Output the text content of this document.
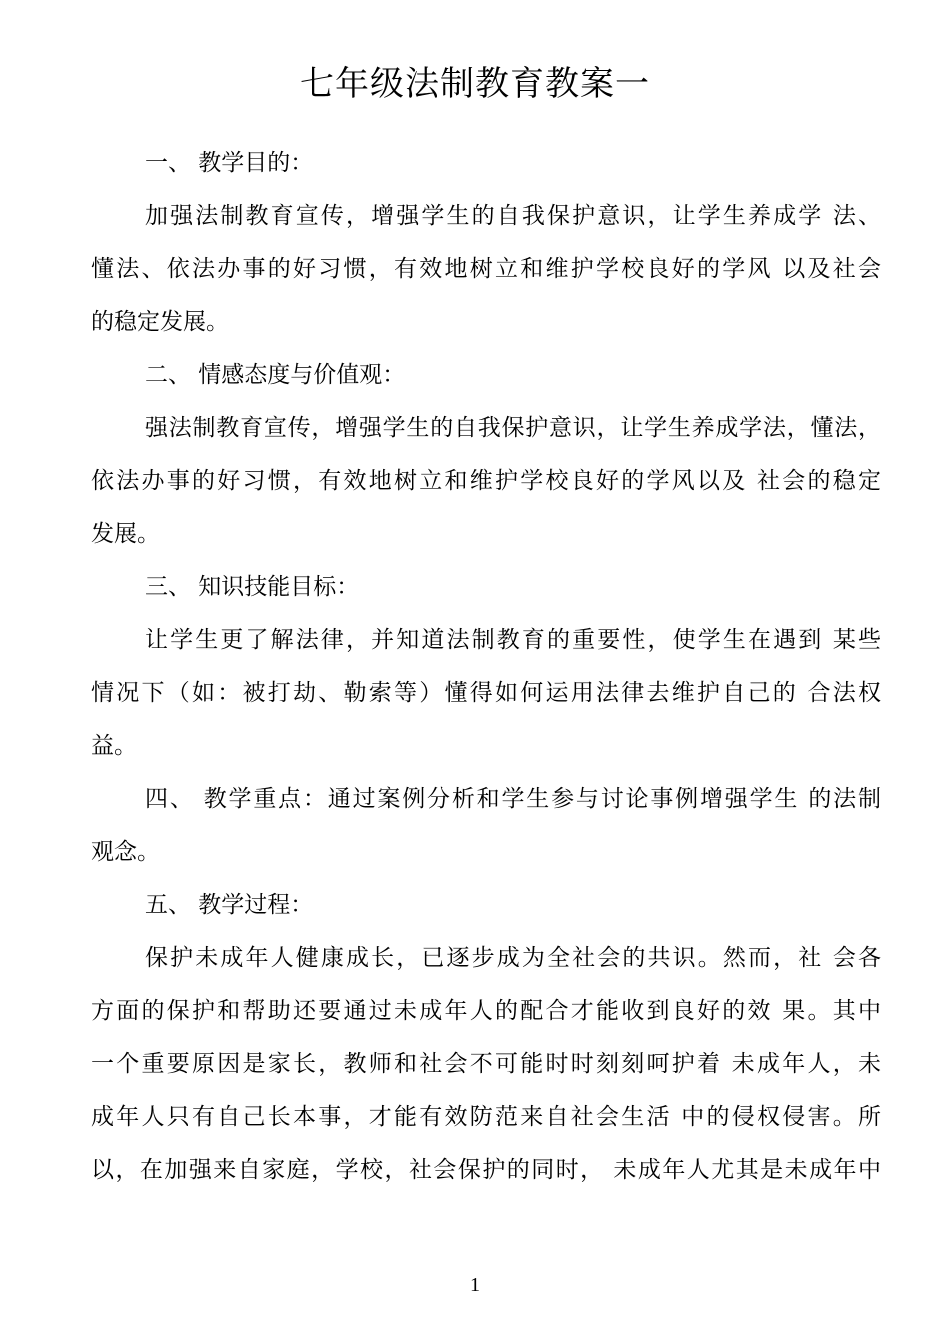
七年级法制教育教案一
一、 教学目的：
加强法制教育宣传，增强学生的自我保护意识，让学生养成学 法、
懂法、依法办事的好习惯，有效地树立和维护学校良好的学风 以及社会
的稳定发展。
二、 情感态度与价值观：
强法制教育宣传，增强学生的自我保护意识，让学生养成学法，懂法，
依法办事的好习惯，有效地树立和维护学校良好的学风以及 社会的稳定
发展。
三、 知识技能目标：
让学生更了解法律，并知道法制教育的重要性，使学生在遇到 某些
情况下（如：被打劫、勒索等）懂得如何运用法律去维护自己的 合法权
益。
四、 教学重点：通过案例分析和学生参与讨论事例增强学生 的法制
观念。
五、 教学过程：
保护未成年人健康成长，已逐步成为全社会的共识。然而，社 会各
方面的保护和帮助还要通过未成年人的配合才能收到良好的效 果。其中
一个重要原因是家长，教师和社会不可能时时刻刻呵护着 未成年人，未
成年人只有自己长本事，才能有效防范来自社会生活 中的侵权侵害。所
以，在加强来自家庭，学校，社会保护的同时， 未成年人尤其是未成年中
1
